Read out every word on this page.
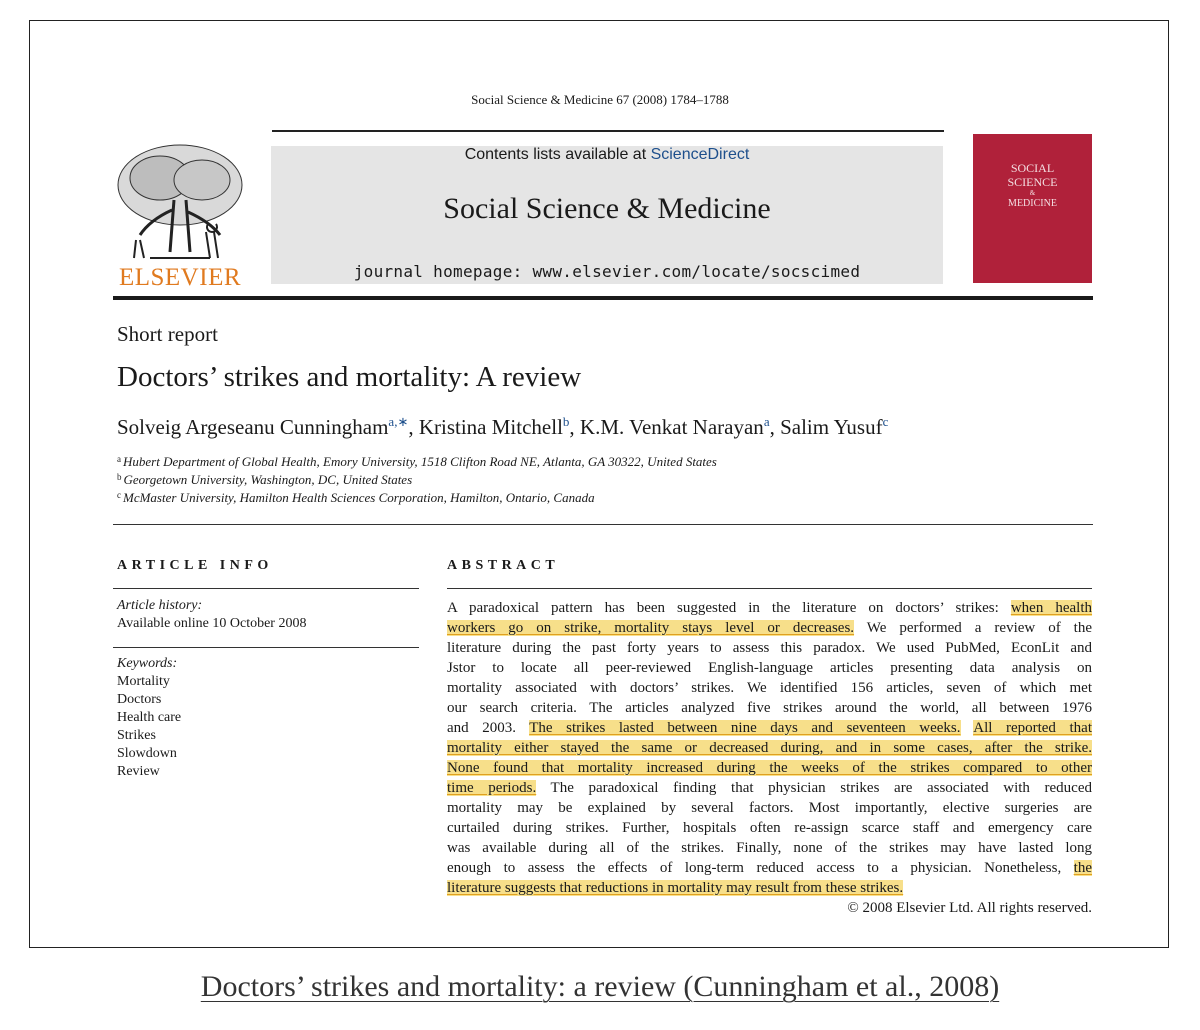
Social Science & Medicine 67 (2008) 1784–1788
ELSEVIER
Contents lists available at ScienceDirect
Social Science & Medicine
journal homepage: www.elsevier.com/locate/socscimed
SOCIAL
SCIENCE
&
MEDICINE
Short report
Doctors’ strikes and mortality: A review
Solveig Argeseanu Cunningham$^{a,∗}$, Kristina Mitchell$^b$, K.M. Venkat Narayan$^a$, Salim Yusuf$^c$
$^a$ Hubert Department of Global Health, Emory University, 1518 Clifton Road NE, Atlanta, GA 30322, United States
$^b$ Georgetown University, Washington, DC, United States
$^c$ McMaster University, Hamilton Health Sciences Corporation, Hamilton, Ontario, Canada
ARTICLE INFO	ABSTRACT
Article history:
Available online 10 October 2008
Keywords:
Mortality
Doctors
Health care
Strikes
Slowdown
Review
A paradoxical pattern has been suggested in the literature on doctors’ strikes: when health
workers go on strike, mortality stays level or decreases. We performed a review of the
literature during the past forty years to assess this paradox. We used PubMed, EconLit and
Jstor to locate all peer-reviewed English-language articles presenting data analysis on
mortality associated with doctors’ strikes. We identified 156 articles, seven of which met
our search criteria. The articles analyzed five strikes around the world, all between 1976
and 2003. The strikes lasted between nine days and seventeen weeks. All reported that
mortality either stayed the same or decreased during, and in some cases, after the strike.
None found that mortality increased during the weeks of the strikes compared to other
time periods. The paradoxical finding that physician strikes are associated with reduced
mortality may be explained by several factors. Most importantly, elective surgeries are
curtailed during strikes. Further, hospitals often re-assign scarce staff and emergency care
was available during all of the strikes. Finally, none of the strikes may have lasted long
enough to assess the effects of long-term reduced access to a physician. Nonetheless, the
literature suggests that reductions in mortality may result from these strikes.
© 2008 Elsevier Ltd. All rights reserved.
Doctors’ strikes and mortality: a review (Cunningham et al., 2008)
